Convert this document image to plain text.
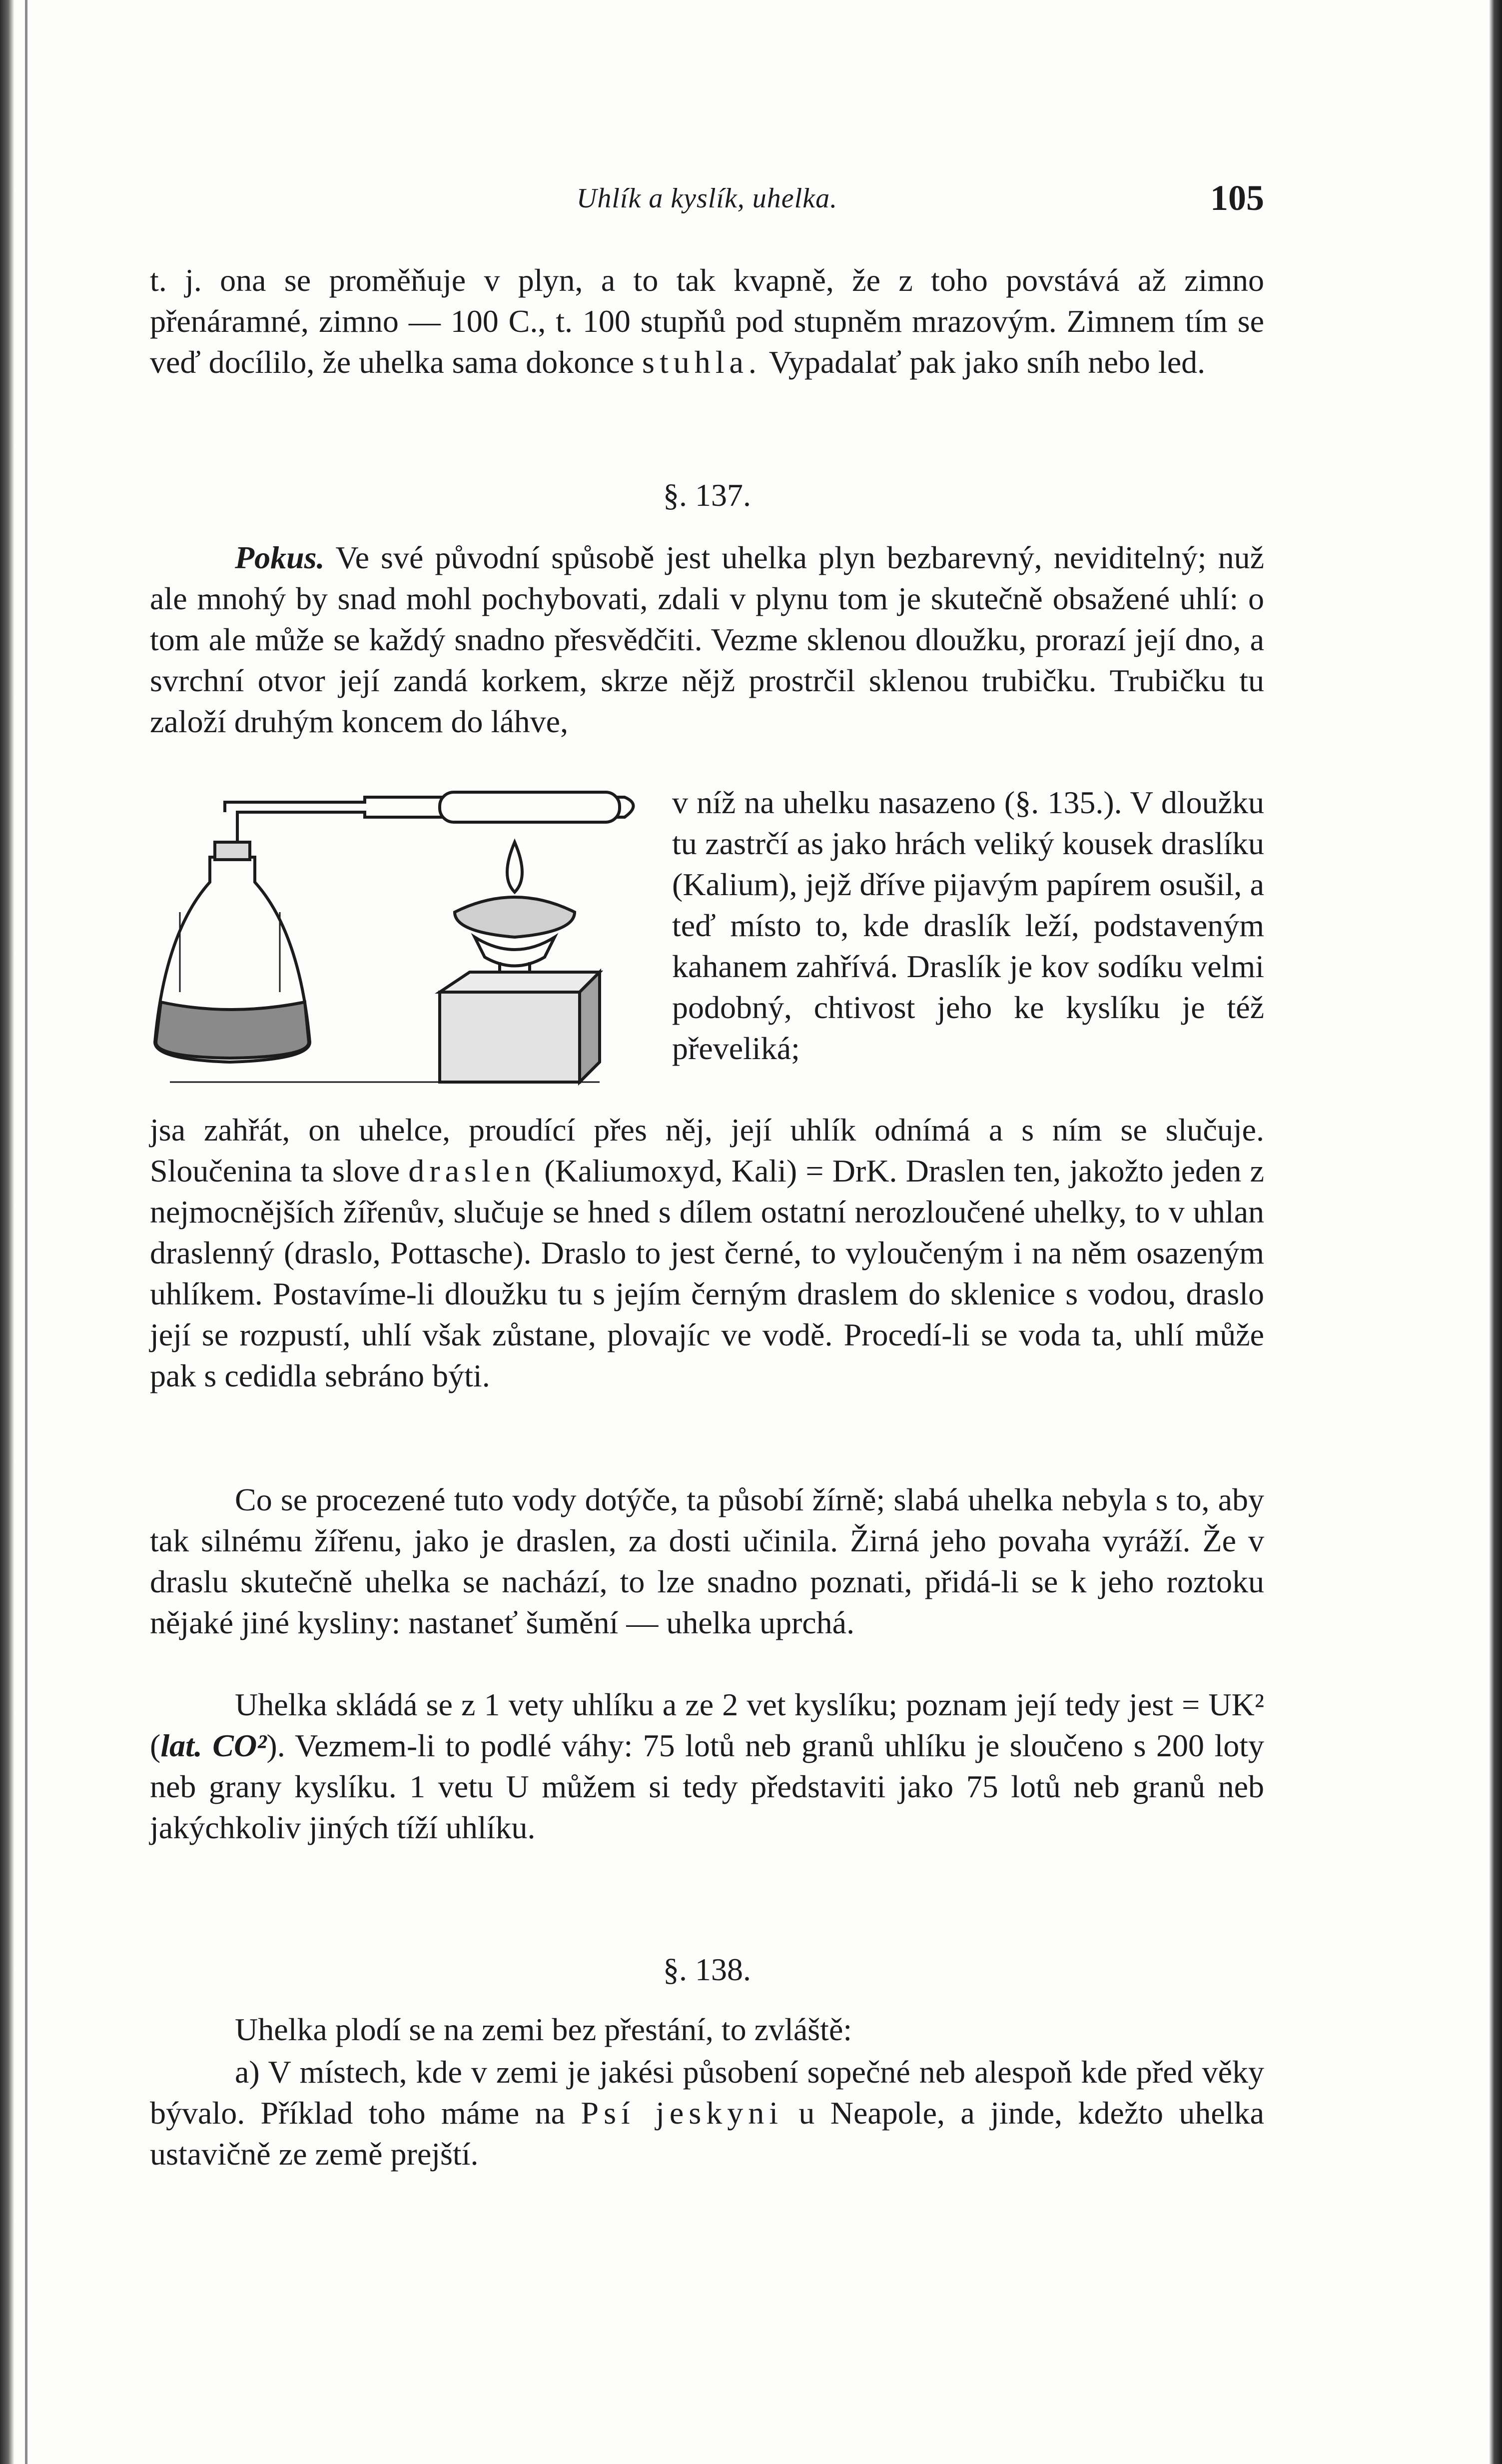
Uhlík a kyslík, uhelka.	105

t. j. ona se proměňuje v plyn, a to tak kvapně, že z toho povstává až zimno přenáramné, zimno — 100 C., t. 100 stupňů pod stupněm mrazovým. Zimnem tím se veď docílilo, že uhelka sama dokonce stuhla. Vypadalať pak jako sníh nebo led.

§. 137.

Pokus. Ve své původní spůsobě jest uhelka plyn bezbarevný, neviditelný; nuž ale mnohý by snad mohl pochybovati, zdali v plynu tom je skutečně obsažené uhlí: o tom ale může se každý snadno přesvědčiti. Vezme sklenou dloužku, prorazí její dno, a svrchní otvor její zandá korkem, skrze nějž prostrčil sklenou trubičku. Trubičku tu založí druhým koncem do láhve,

v níž na uhelku nasazeno (§. 135.). V dloužku tu zastrčí as jako hrách veliký kousek draslíku (Kalium), jejž dříve pijavým papírem osušil, a teď místo to, kde draslík leží, podstaveným kahanem zahřívá. Draslík je kov sodíku velmi podobný, chtivost jeho ke kyslíku je též převeliká;

jsa zahřát, on uhelce, proudící přes něj, její uhlík odnímá a s ním se slučuje. Sloučenina ta slove draslen (Kaliumoxyd, Kali) = DrK. Draslen ten, jakožto jeden z nejmocnějších žířenův, slučuje se hned s dílem ostatní nerozloučené uhelky, to v uhlan draslenný (draslo, Pottasche). Draslo to jest černé, to vyloučeným i na něm osazeným uhlíkem. Postavíme-li dloužku tu s jejím černým draslem do sklenice s vodou, draslo její se rozpustí, uhlí však zůstane, plovajíc ve vodě. Procedí-li se voda ta, uhlí může pak s cedidla sebráno býti.

Co se procezené tuto vody dotýče, ta působí žírně; slabá uhelka nebyla s to, aby tak silnému žířenu, jako je draslen, za dosti učinila. Žirná jeho povaha vyráží. Že v draslu skutečně uhelka se nachází, to lze snadno poznati, přidá-li se k jeho roztoku nějaké jiné kysliny: nastaneť šumění — uhelka uprchá.

Uhelka skládá se z 1 vety uhlíku a ze 2 vet kyslíku; poznam její tedy jest = UK² (lat. CO²). Vezmem-li to podlé váhy: 75 lotů neb granů uhlíku je sloučeno s 200 loty neb grany kyslíku. 1 vetu U můžem si tedy představiti jako 75 lotů neb granů neb jakýchkoliv jiných tíží uhlíku.

§. 138.

Uhelka plodí se na zemi bez přestání, to zvláště:

a) V místech, kde v zemi je jakési působení sopečné neb alespoň kde před věky bývalo. Příklad toho máme na Psí jeskyni u Neapole, a jinde, kdežto uhelka ustavičně ze země prejští.
